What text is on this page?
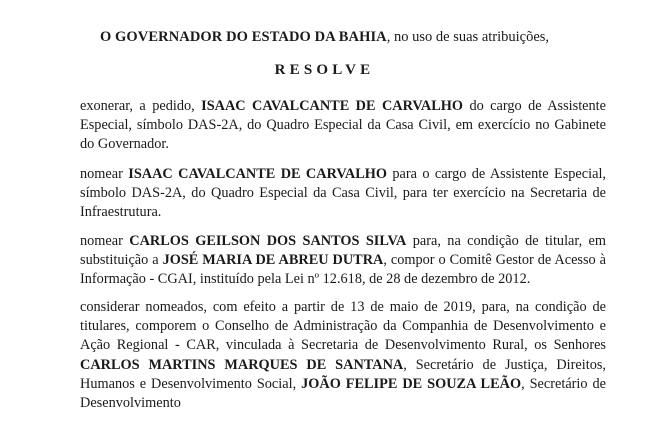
O GOVERNADOR DO ESTADO DA BAHIA, no uso de suas atribuições,
RESOLVE
exonerar, a pedido, ISAAC CAVALCANTE DE CARVALHO do cargo de Assistente Especial, símbolo DAS-2A, do Quadro Especial da Casa Civil, em exercício no Gabinete do Governador.
nomear ISAAC CAVALCANTE DE CARVALHO para o cargo de Assistente Especial, símbolo DAS-2A, do Quadro Especial da Casa Civil, para ter exercício na Secretaria de Infraestrutura.
nomear CARLOS GEILSON DOS SANTOS SILVA para, na condição de titular, em substituição a JOSÉ MARIA DE ABREU DUTRA, compor o Comitê Gestor de Acesso à Informação - CGAI, instituído pela Lei nº 12.618, de 28 de dezembro de 2012.
considerar nomeados, com efeito a partir de 13 de maio de 2019, para, na condição de titulares, comporem o Conselho de Administração da Companhia de Desenvolvimento e Ação Regional - CAR, vinculada à Secretaria de Desenvolvimento Rural, os Senhores CARLOS MARTINS MARQUES DE SANTANA, Secretário de Justiça, Direitos, Humanos e Desenvolvimento Social, JOÃO FELIPE DE SOUZA LEÃO, Secretário de Desenvolvimento
